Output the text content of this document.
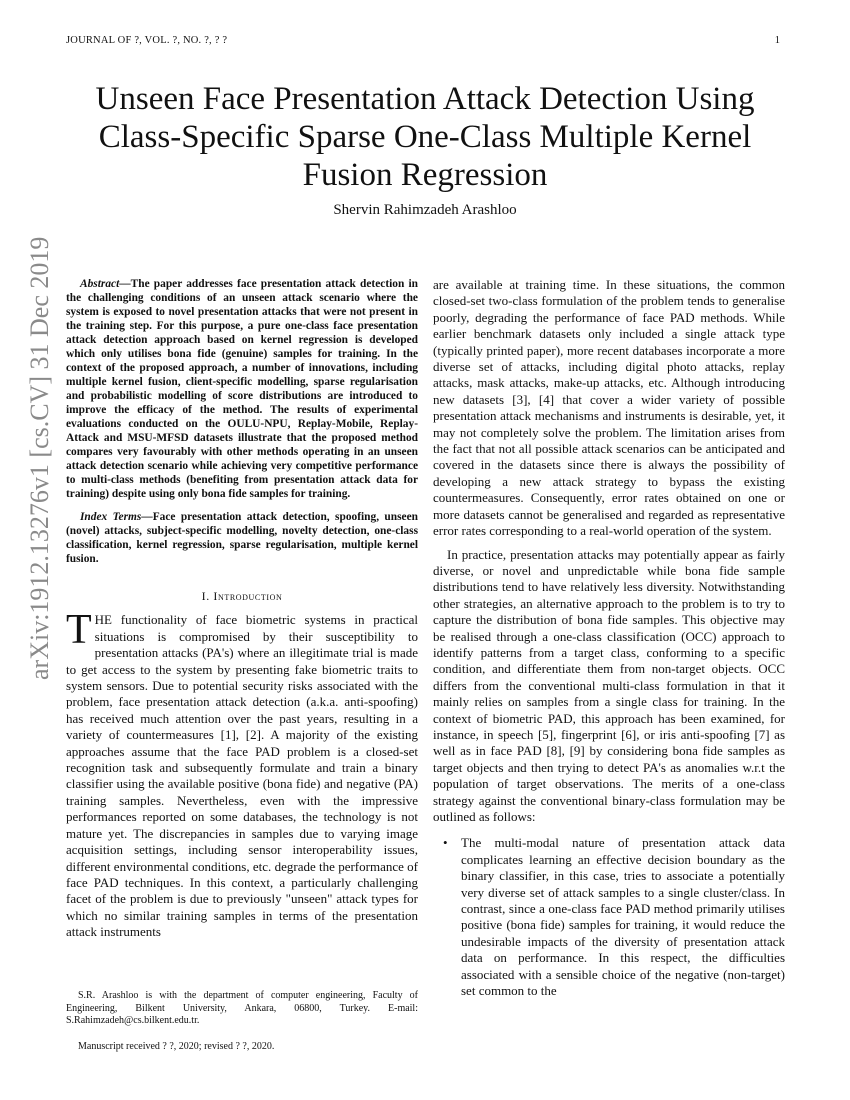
JOURNAL OF ?, VOL. ?, NO. ?, ? ?	1
Unseen Face Presentation Attack Detection Using Class-Specific Sparse One-Class Multiple Kernel Fusion Regression
Shervin Rahimzadeh Arashloo
arXiv:1912.13276v1 [cs.CV] 31 Dec 2019	Abstract—The paper addresses face presentation attack detection in the challenging conditions of an unseen attack scenario where the system is exposed to novel presentation attacks that were not present in the training step. For this purpose, a pure one-class face presentation attack detection approach based on kernel regression is developed which only utilises bona fide (genuine) samples for training. In the context of the proposed approach, a number of innovations, including multiple kernel fusion, client-specific modelling, sparse regularisation and probabilistic modelling of score distributions are introduced to improve the efficacy of the method. The results of experimental evaluations conducted on the OULU-NPU, Replay-Mobile, Replay-Attack and MSU-MFSD datasets illustrate that the proposed method compares very favourably with other methods operating in an unseen attack detection scenario while achieving very competitive performance to multi-class methods (benefiting from presentation attack data for training) despite using only bona fide samples for training.

Index Terms—Face presentation attack detection, spoofing, unseen (novel) attacks, subject-specific modelling, novelty detection, one-class classification, kernel regression, sparse regularisation, multiple kernel fusion.

I. Introduction

THE functionality of face biometric systems in practical situations is compromised by their susceptibility to presentation attacks (PA's) where an illegitimate trial is made to get access to the system by presenting fake biometric traits to system sensors. Due to potential security risks associated with the problem, face presentation attack detection (a.k.a. anti-spoofing) has received much attention over the past years, resulting in a variety of countermeasures [1], [2]. A majority of the existing approaches assume that the face PAD problem is a closed-set recognition task and subsequently formulate and train a binary classifier using the available positive (bona fide) and negative (PA) training samples. Nevertheless, even with the impressive performances reported on some databases, the technology is not mature yet. The discrepancies in samples due to varying image acquisition settings, including sensor interoperability issues, different environmental conditions, etc. degrade the performance of face PAD techniques. In this context, a particularly challenging facet of the problem is due to previously "unseen" attack types for which no similar training samples in terms of the presentation attack instruments

S.R. Arashloo is with the department of computer engineering, Faculty of Engineering, Bilkent University, Ankara, 06800, Turkey. E-mail: S.Rahimzadeh@cs.bilkent.edu.tr.

Manuscript received ? ?, 2020; revised ? ?, 2020.

are available at training time. In these situations, the common closed-set two-class formulation of the problem tends to generalise poorly, degrading the performance of face PAD methods. While earlier benchmark datasets only included a single attack type (typically printed paper), more recent databases incorporate a more diverse set of attacks, including digital photo attacks, replay attacks, mask attacks, make-up attacks, etc. Although introducing new datasets [3], [4] that cover a wider variety of possible presentation attack mechanisms and instruments is desirable, yet, it may not completely solve the problem. The limitation arises from the fact that not all possible attack scenarios can be anticipated and covered in the datasets since there is always the possibility of developing a new attack strategy to bypass the existing countermeasures. Consequently, error rates obtained on one or more datasets cannot be generalised and regarded as representative error rates corresponding to a real-world operation of the system.

In practice, presentation attacks may potentially appear as fairly diverse, or novel and unpredictable while bona fide sample distributions tend to have relatively less diversity. Notwithstanding other strategies, an alternative approach to the problem is to try to capture the distribution of bona fide samples. This objective may be realised through a one-class classification (OCC) approach to identify patterns from a target class, conforming to a specific condition, and differentiate them from non-target objects. OCC differs from the conventional multi-class formulation in that it mainly relies on samples from a single class for training. In the context of biometric PAD, this approach has been examined, for instance, in speech [5], fingerprint [6], or iris anti-spoofing [7] as well as in face PAD [8], [9] by considering bona fide samples as target objects and then trying to detect PA's as anomalies w.r.t the population of target observations. The merits of a one-class strategy against the conventional binary-class formulation may be outlined as follows:

• The multi-modal nature of presentation attack data complicates learning an effective decision boundary as the binary classifier, in this case, tries to associate a potentially very diverse set of attack samples to a single cluster/class. In contrast, since a one-class face PAD method primarily utilises positive (bona fide) samples for training, it would reduce the undesirable impacts of the diversity of presentation attack data on performance. In this respect, the difficulties associated with a sensible choice of the negative (non-target) set common to the
